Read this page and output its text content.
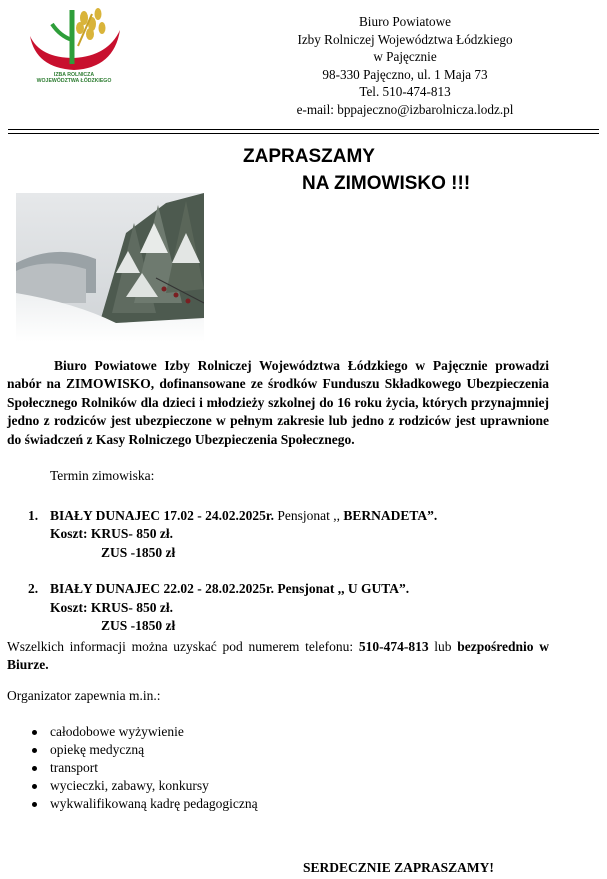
IZBA ROLNICZA
WOJEWÓDZTWA ŁÓDZKIEGO
Biuro Powiatowe
Izby Rolniczej Województwa Łódzkiego
w Pajęcznie
98-330 Pajęczno, ul. 1 Maja 73
Tel. 510-474-813
e-mail: bppajeczno@izbarolnicza.lodz.pl
ZAPRASZAMY
NA ZIMOWISKO !!!
Biuro Powiatowe Izby Rolniczej Województwa Łódzkiego w Pajęcznie prowadzi nabór na ZIMOWISKO, dofinansowane ze środków Funduszu Składkowego Ubezpieczenia Społecznego Rolników dla dzieci i młodzieży szkolnej do 16 roku życia, których przynajmniej jedno z rodziców jest ubezpieczone w pełnym zakresie lub jedno z rodziców jest uprawnione do świadczeń z Kasy Rolniczego Ubezpieczenia Społecznego.
Termin zimowiska:
1. BIAŁY DUNAJEC 17.02 - 24.02.2025r. Pensjonat ,, BERNADETA”.
Koszt: KRUS- 850 zł.
ZUS -1850 zł
2. BIAŁY DUNAJEC 22.02 - 28.02.2025r. Pensjonat ,, U GUTA”.
Koszt: KRUS- 850 zł.
ZUS -1850 zł
Wszelkich informacji można uzyskać pod numerem telefonu: 510-474-813 lub bezpośrednio w Biurze.
Organizator zapewnia m.in.:
całodobowe wyżywienie
opiekę medyczną
transport
wycieczki, zabawy, konkursy
wykwalifikowaną kadrę pedagogiczną
SERDECZNIE ZAPRASZAMY!
